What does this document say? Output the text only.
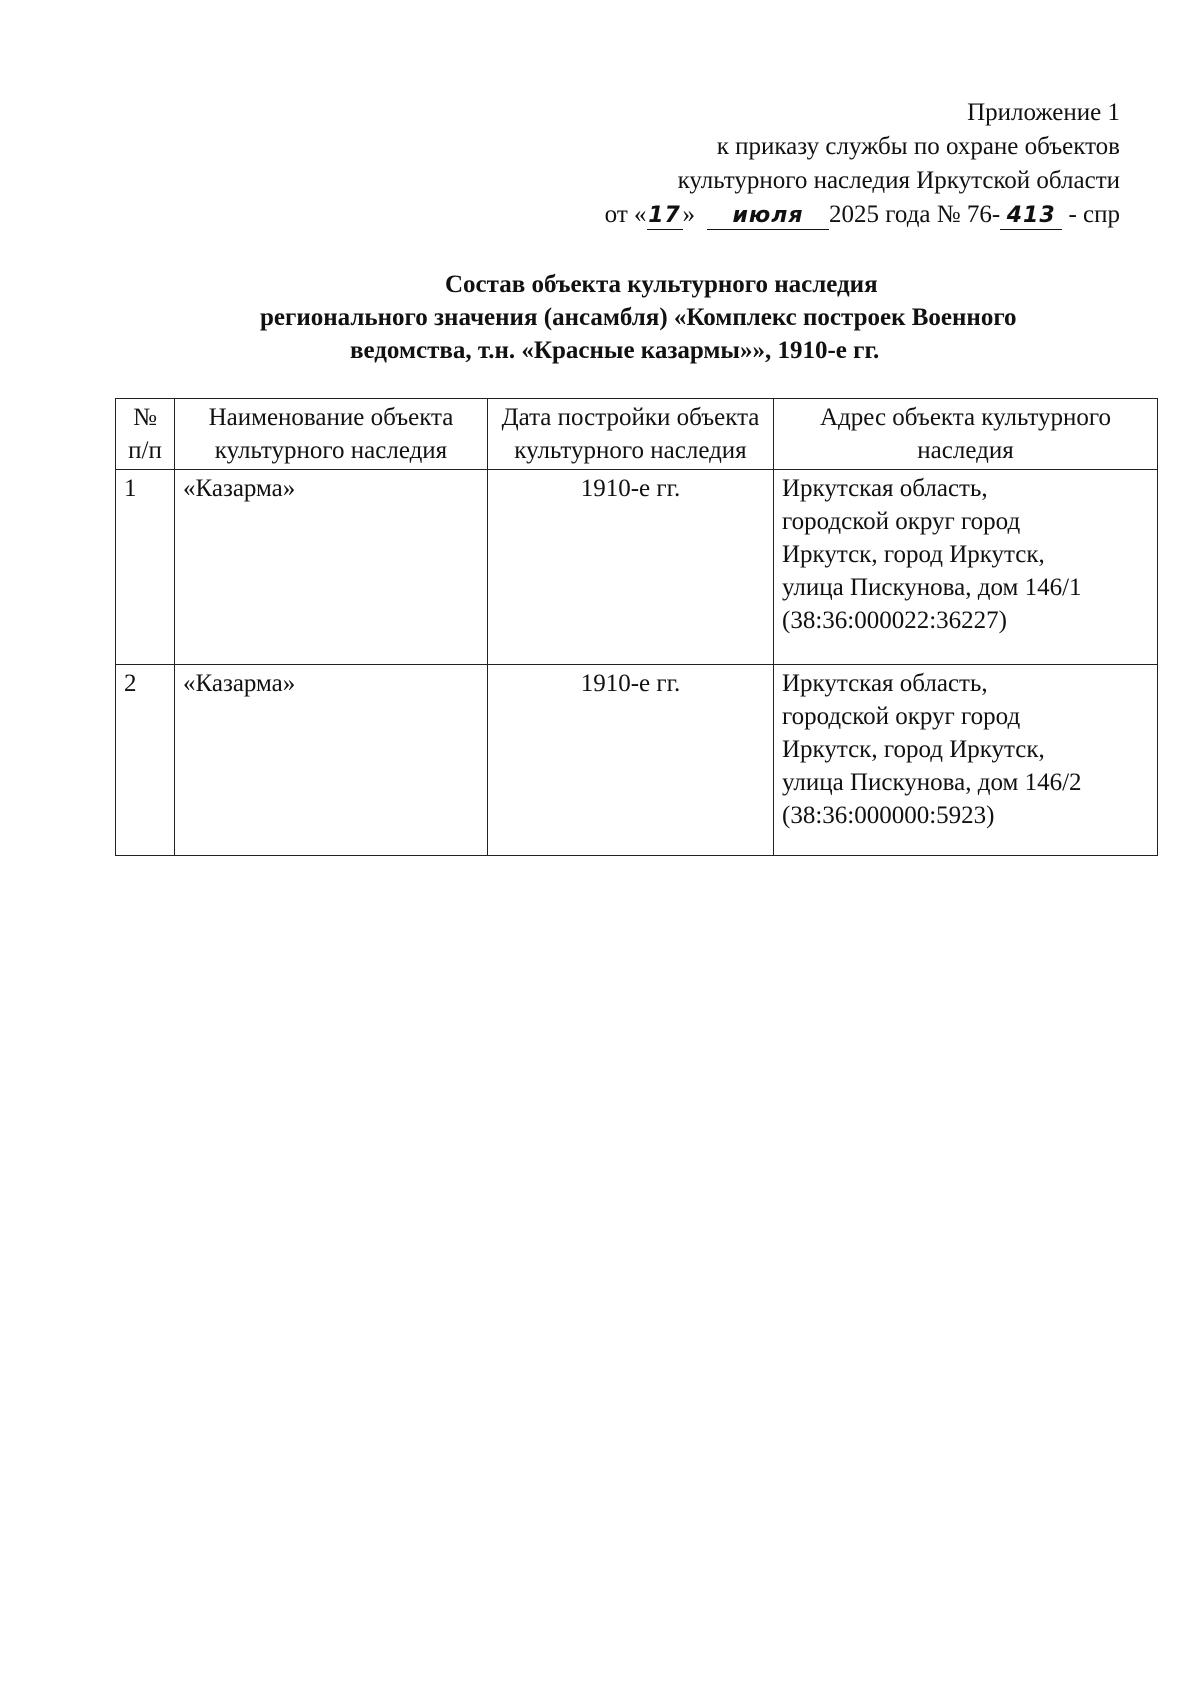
Приложение 1
к приказу службы по охране объектов
культурного наследия Иркутской области
от «17» июля 2025 года № 76- 413 - спр
Состав объекта культурного наследия
регионального значения (ансамбля) «Комплекс построек Военного
ведомства, т.н. «Красные казармы»», 1910-е гг.
№ п/п	Наименование объекта культурного наследия	Дата постройки объекта культурного наследия	Адрес объекта культурного наследия
1	«Казарма»	1910-е гг.	Иркутская область,
городской округ город
Иркутск, город Иркутск,
улица Пискунова, дом 146/1
(38:36:000022:36227)

2	«Казарма»	1910-е гг.	Иркутская область,
городской округ город
Иркутск, город Иркутск,
улица Пискунова, дом 146/2
(38:36:000000:5923)
